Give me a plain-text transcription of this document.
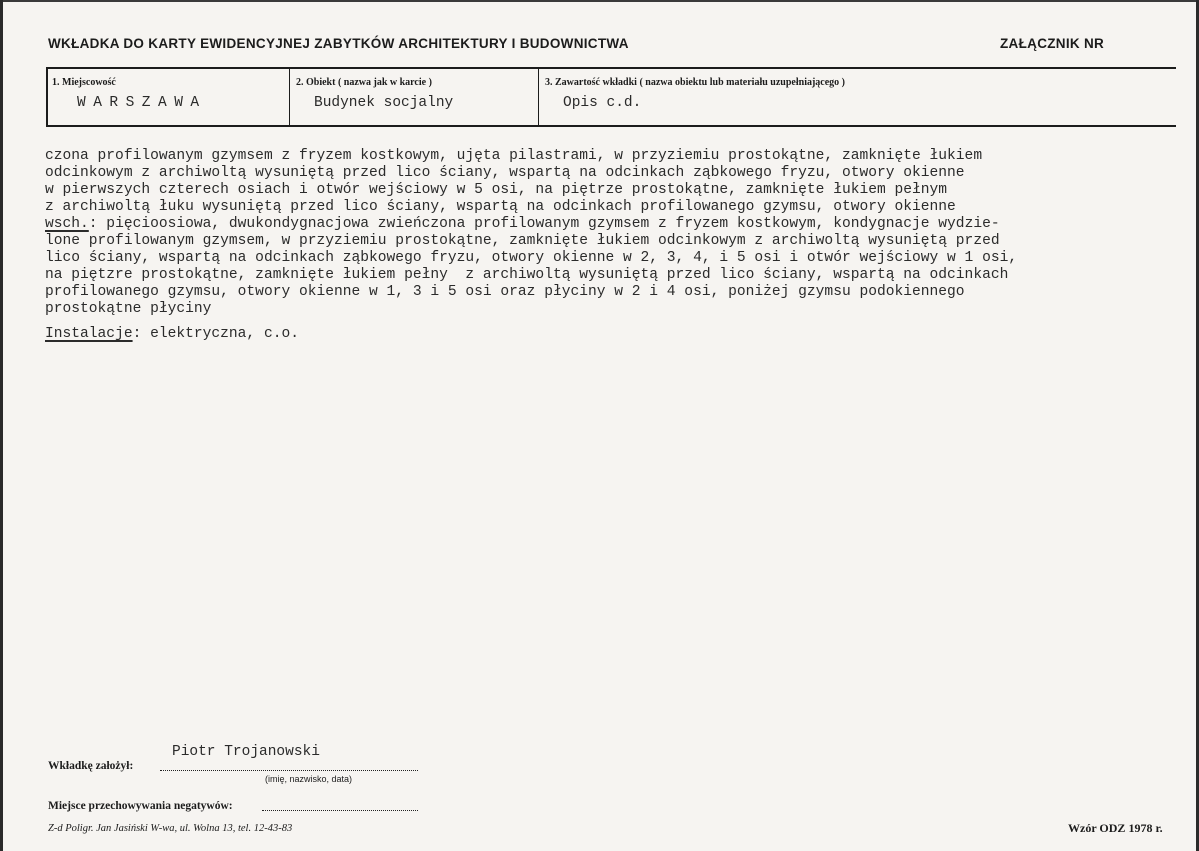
WKŁADKA DO KARTY EWIDENCYJNEJ ZABYTKÓW ARCHITEKTURY I BUDOWNICTWA	ZAŁĄCZNIK NR
1. Miejscowość
WARSZAWA
2. Obiekt ( nazwa jak w karcie )
Budynek socjalny
3. Zawartość wkładki ( nazwa obiektu lub materiału uzupełniającego )
Opis c.d.
czona profilowanym gzymsem z fryzem kostkowym, ujęta pilastrami, w przyziemiu prostokątne, zamknięte łukiem
odcinkowym z archiwoltą wysuniętą przed lico ściany, wspartą na odcinkach ząbkowego fryzu, otwory okienne
w pierwszych czterech osiach i otwór wejściowy w 5 osi, na piętrze prostokątne, zamknięte łukiem pełnym
z archiwoltą łuku wysuniętą przed lico ściany, wspartą na odcinkach profilowanego gzymsu, otwory okienne
wsch.: pięcioosiowa, dwukondygnacjowa zwieńczona profilowanym gzymsem z fryzem kostkowym, kondygnacje wydzie-
lone profilowanym gzymsem, w przyziemiu prostokątne, zamknięte łukiem odcinkowym z archiwoltą wysuniętą przed
lico ściany, wspartą na odcinkach ząbkowego fryzu, otwory okienne w 2, 3, 4, i 5 osi i otwór wejściowy w 1 osi,
na piętzre prostokątne, zamknięte łukiem pełny  z archiwoltą wysuniętą przed lico ściany, wspartą na odcinkach
profilowanego gzymsu, otwory okienne w 1, 3 i 5 osi oraz płyciny w 2 i 4 osi, poniżej gzymsu podokiennego
prostokątne płyciny
Instalacje: elektryczna, c.o.
Piotr Trojanowski
Wkładkę założył:
(imię, nazwisko, data)
Miejsce przechowywania negatywów:
Z-d Poligr. Jan Jasiński W-wa, ul. Wolna 13, tel. 12-43-83	Wzór ODZ 1978 r.
